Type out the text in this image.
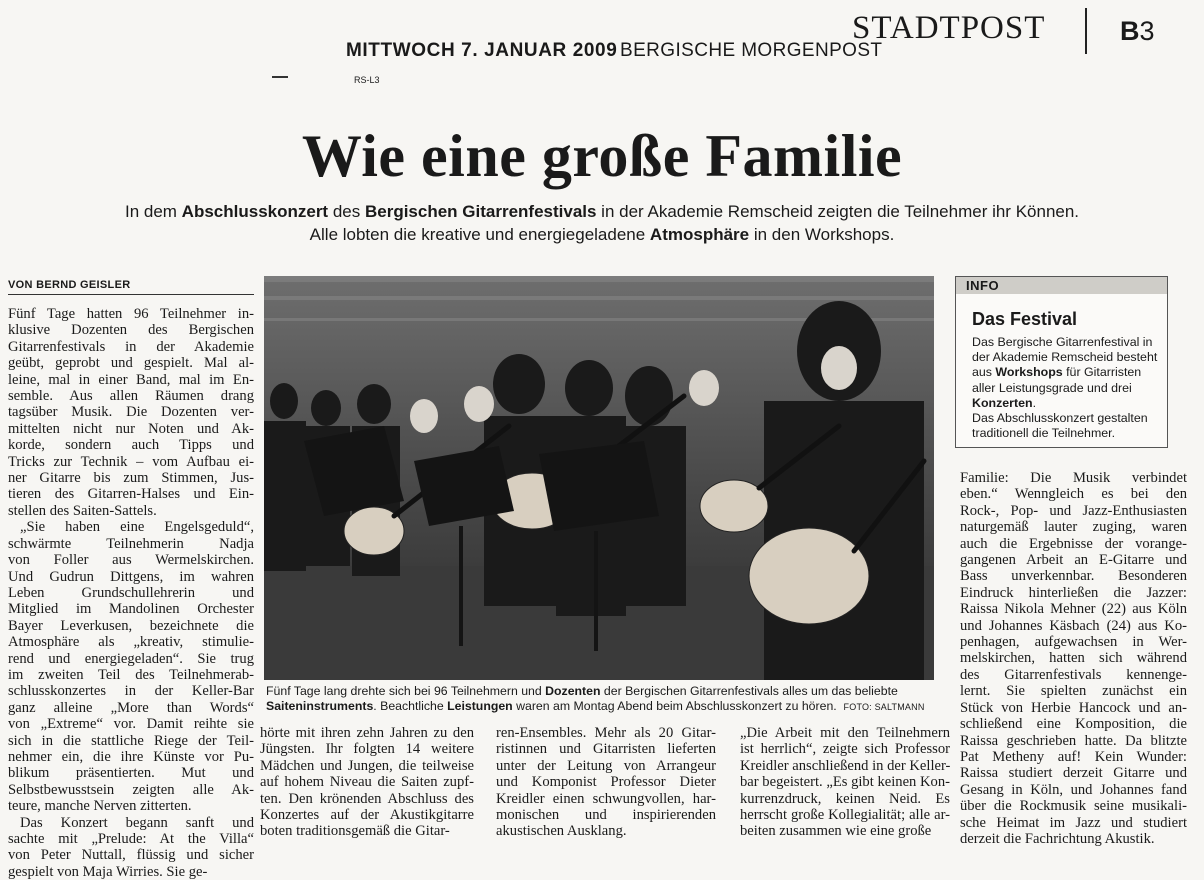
MITTWOCH 7. JANUAR 2009 BERGISCHE MORGENPOST
STADTPOST	B3
RS-L3
Wie eine große Familie
In dem Abschlusskonzert des Bergischen Gitarrenfestivals in der Akademie Remscheid zeigten die Teilnehmer ihr Können.
Alle lobten die kreative und energiegeladene Atmosphäre in den Workshops.
VON BERND GEISLER
Fünf Tage hatten 96 Teilnehmer in-
klusive Dozenten des Bergischen
Gitarrenfestivals in der Akademie
geübt, geprobt und gespielt. Mal al-
leine, mal in einer Band, mal im En-
semble. Aus allen Räumen drang
tagsüber Musik. Die Dozenten ver-
mittelten nicht nur Noten und Ak-
korde, sondern auch Tipps und
Tricks zur Technik – vom Aufbau ei-
ner Gitarre bis zum Stimmen, Jus-
tieren des Gitarren-Halses und Ein-
stellen des Saiten-Sattels.
„Sie haben eine Engelsgeduld“,
schwärmte Teilnehmerin Nadja
von Foller aus Wermelskirchen.
Und Gudrun Dittgens, im wahren
Leben Grundschullehrerin und
Mitglied im Mandolinen Orchester
Bayer Leverkusen, bezeichnete die
Atmosphäre als „kreativ, stimulie-
rend und energiegeladen“. Sie trug
im zweiten Teil des Teilnehmerab-
schlusskonzertes in der Keller-Bar
ganz alleine „More than Words“
von „Extreme“ vor. Damit reihte sie
sich in die stattliche Riege der Teil-
nehmer ein, die ihre Künste vor Pu-
blikum präsentierten. Mut und
Selbstbewusstsein zeigten alle Ak-
teure, manche Nerven zitterten.
Das Konzert begann sanft und
sachte mit „Prelude: At the Villa“
von Peter Nuttall, flüssig und sicher
gespielt von Maja Wirries. Sie ge-
Fünf Tage lang drehte sich bei 96 Teilnehmern und Dozenten der Bergischen Gitarrenfestivals alles um das beliebte Saiteninstruments. Beachtliche Leistungen waren am Montag Abend beim Abschlusskonzert zu hören. FOTO: SALTMANN
hörte mit ihren zehn Jahren zu den
Jüngsten. Ihr folgten 14 weitere
Mädchen und Jungen, die teilweise
auf hohem Niveau die Saiten zupf-
ten. Den krönenden Abschluss des
Konzertes auf der Akustikgitarre
boten traditionsgemäß die Gitar-
ren-Ensembles. Mehr als 20 Gitar-
ristinnen und Gitarristen lieferten
unter der Leitung von Arrangeur
und Komponist Professor Dieter
Kreidler einen schwungvollen, har-
monischen und inspirierenden
akustischen Ausklang.
„Die Arbeit mit den Teilnehmern
ist herrlich“, zeigte sich Professor
Kreidler anschließend in der Keller-
bar begeistert. „Es gibt keinen Kon-
kurrenzdruck, keinen Neid. Es
herrscht große Kollegialität; alle ar-
beiten zusammen wie eine große
INFO
Das Festival

Das Bergische Gitarrenfestival in der Akademie Remscheid besteht aus Workshops für Gitarristen aller Leistungsgrade und drei Konzerten.

Das Abschlusskonzert gestalten traditionell die Teilnehmer.

Familie: Die Musik verbindet
eben.“ Wenngleich es bei den
Rock-, Pop- und Jazz-Enthusiasten
naturgemäß lauter zuging, waren
auch die Ergebnisse der vorange-
gangenen Arbeit an E-Gitarre und
Bass unverkennbar. Besonderen
Eindruck hinterließen die Jazzer:
Raissa Nikola Mehner (22) aus Köln
und Johannes Käsbach (24) aus Ko-
penhagen, aufgewachsen in Wer-
melskirchen, hatten sich während
des Gitarrenfestivals kennenge-
lernt. Sie spielten zunächst ein
Stück von Herbie Hancock und an-
schließend eine Komposition, die
Raissa geschrieben hatte. Da blitzte
Pat Metheny auf! Kein Wunder:
Raissa studiert derzeit Gitarre und
Gesang in Köln, und Johannes fand
über die Rockmusik seine musikali-
sche Heimat im Jazz und studiert
derzeit die Fachrichtung Akustik.
